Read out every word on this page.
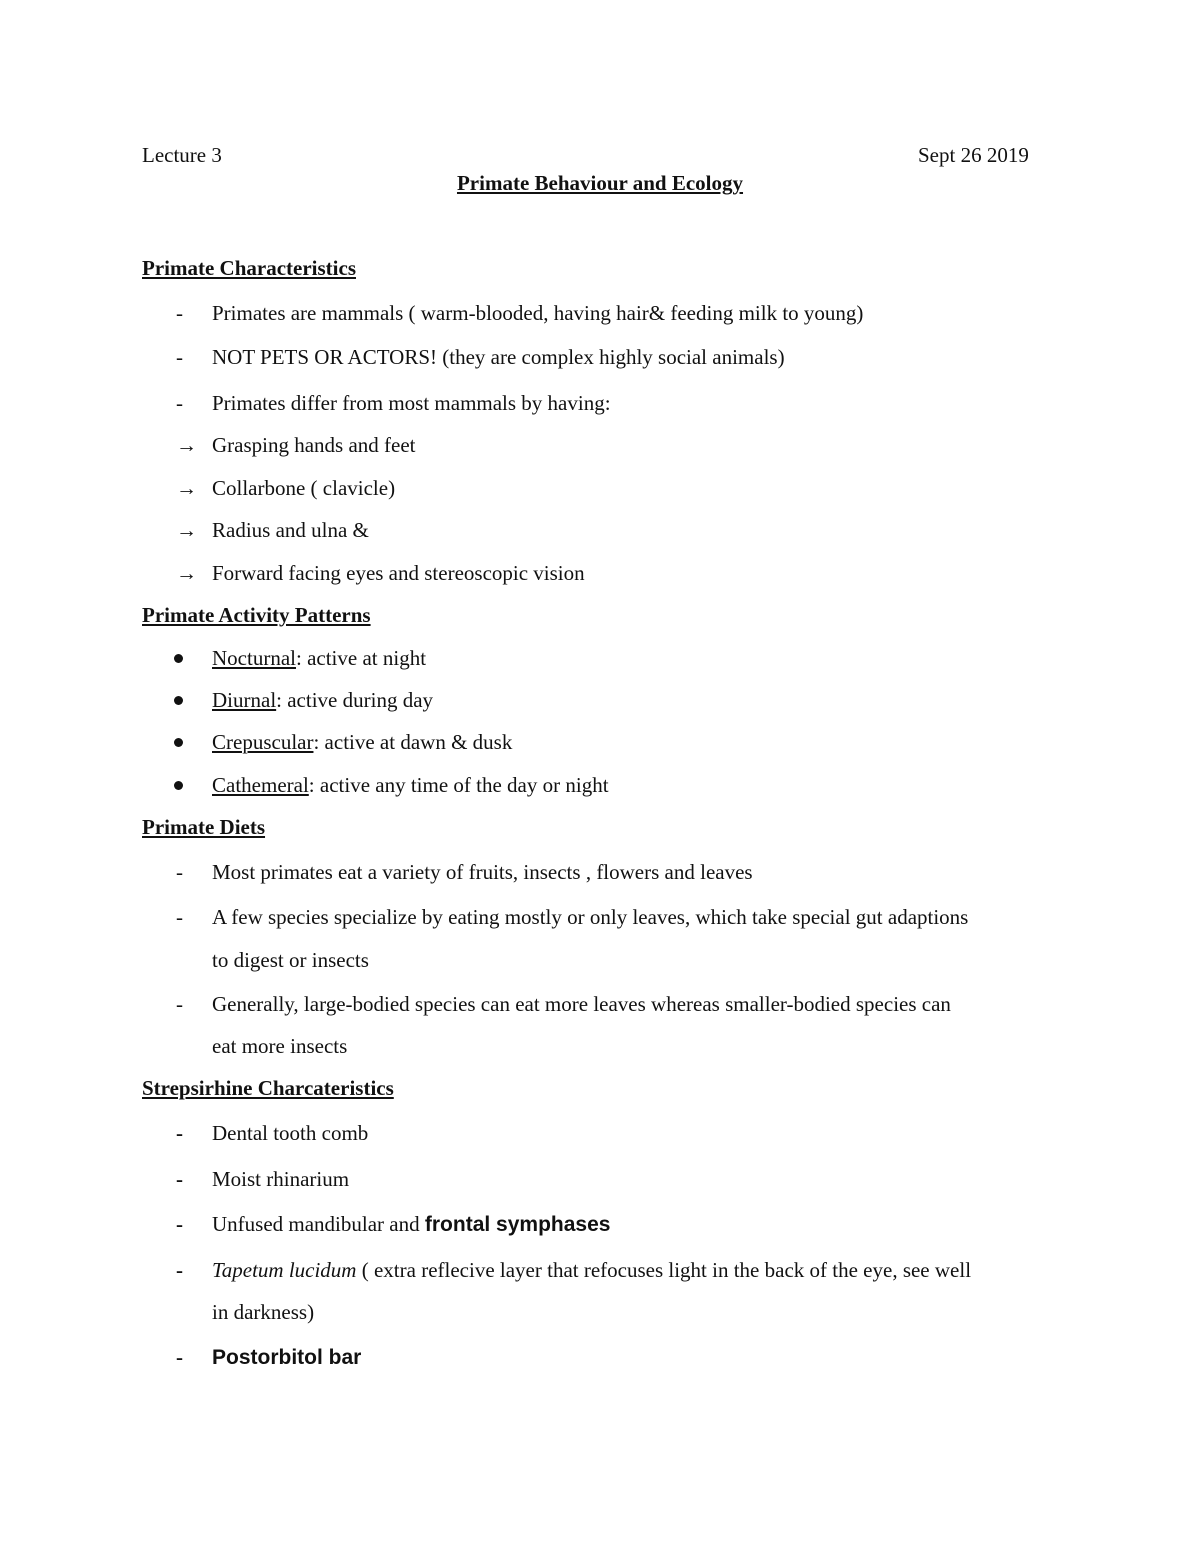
Lecture 3	Sept 26 2019
Primate Behaviour and Ecology
Primate Characteristics
-	Primates are mammals ( warm-blooded, having hair& feeding milk to young)
-	NOT PETS OR ACTORS! (they are complex highly social animals)
-	Primates differ from most mammals by having:
→ Grasping hands and feet
→ Collarbone ( clavicle)
→ Radius and ulna &
→ Forward facing eyes and stereoscopic vision
Primate Activity Patterns
Nocturnal: active at night
Diurnal: active during day
Crepuscular: active at dawn & dusk
Cathemeral: active any time of the day or night
Primate Diets
-	Most primates eat a variety of fruits, insects , flowers and leaves
-	A few species specialize by eating mostly or only leaves, which take special gut adaptions
to digest or insects
-	Generally, large-bodied species can eat more leaves whereas smaller-bodied species can
eat more insects
Strepsirhine Charcateristics
-	Dental tooth comb
-	Moist rhinarium
-	Unfused mandibular and frontal symphases
-	Tapetum lucidum ( extra reflecive layer that refocuses light in the back of the eye, see well
in darkness)
-	Postorbitol bar
